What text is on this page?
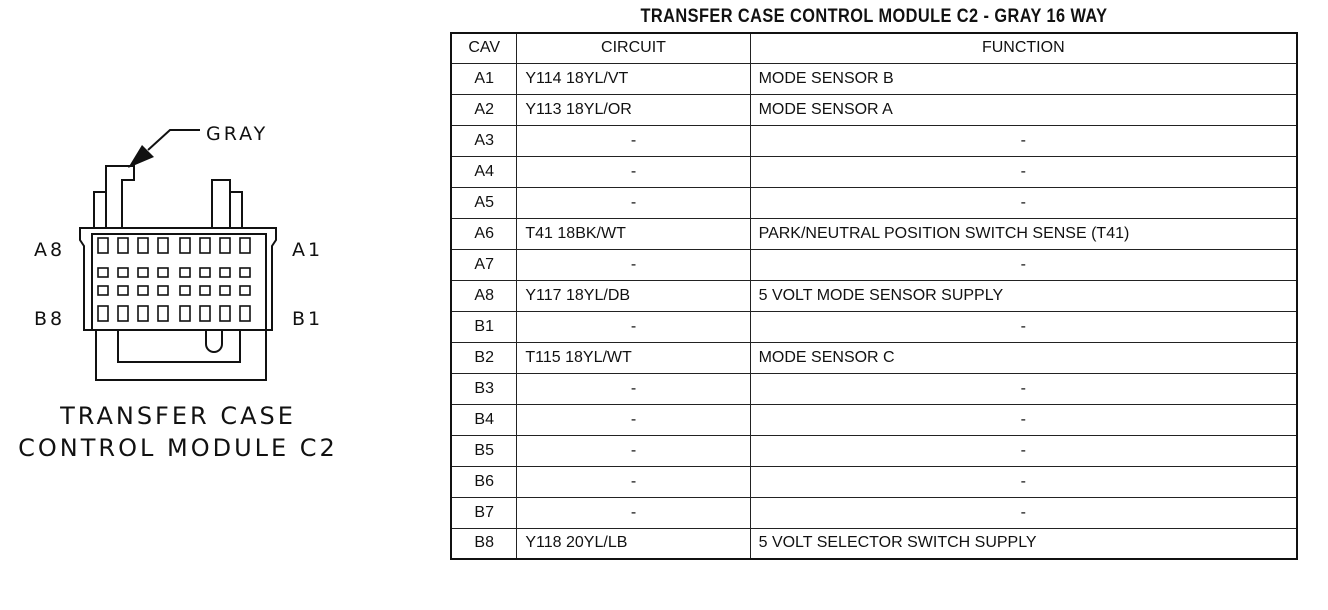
GRAY
A8
B8
A1
B1
TRANSFER CASE
CONTROL MODULE C2
TRANSFER CASE CONTROL MODULE C2 - GRAY 16 WAY
CAV	CIRCUIT	FUNCTION
A1	Y114 18YL/VT	MODE SENSOR B
A2	Y113 18YL/OR	MODE SENSOR A
A3	-	-
A4	-	-
A5	-	-
A6	T41 18BK/WT	PARK/NEUTRAL POSITION SWITCH SENSE (T41)
A7	-	-
A8	Y117 18YL/DB	5 VOLT MODE SENSOR SUPPLY
B1	-	-
B2	T115 18YL/WT	MODE SENSOR C
B3	-	-
B4	-	-
B5	-	-
B6	-	-
B7	-	-
B8	Y118 20YL/LB	5 VOLT SELECTOR SWITCH SUPPLY
